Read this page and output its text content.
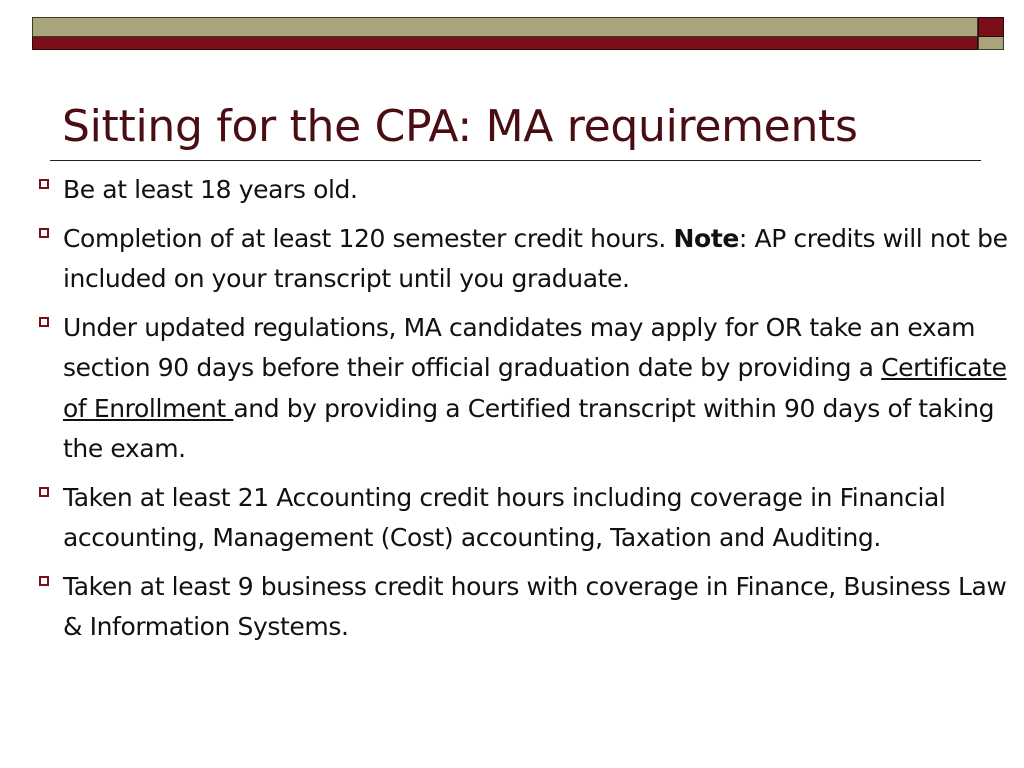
Sitting for the CPA: MA requirements
Be at least 18 years old.
Completion of at least 120 semester credit hours. Note: AP credits will not be included on your transcript until you graduate.
Under updated regulations, MA candidates may apply for OR take an exam section 90 days before their official graduation date by providing a Certificate of Enrollment and by providing a Certified transcript within 90 days of taking the exam.
Taken at least 21 Accounting credit hours including coverage in Financial accounting, Management (Cost) accounting, Taxation and Auditing.
Taken at least 9 business credit hours with coverage in Finance, Business Law & Information Systems.
